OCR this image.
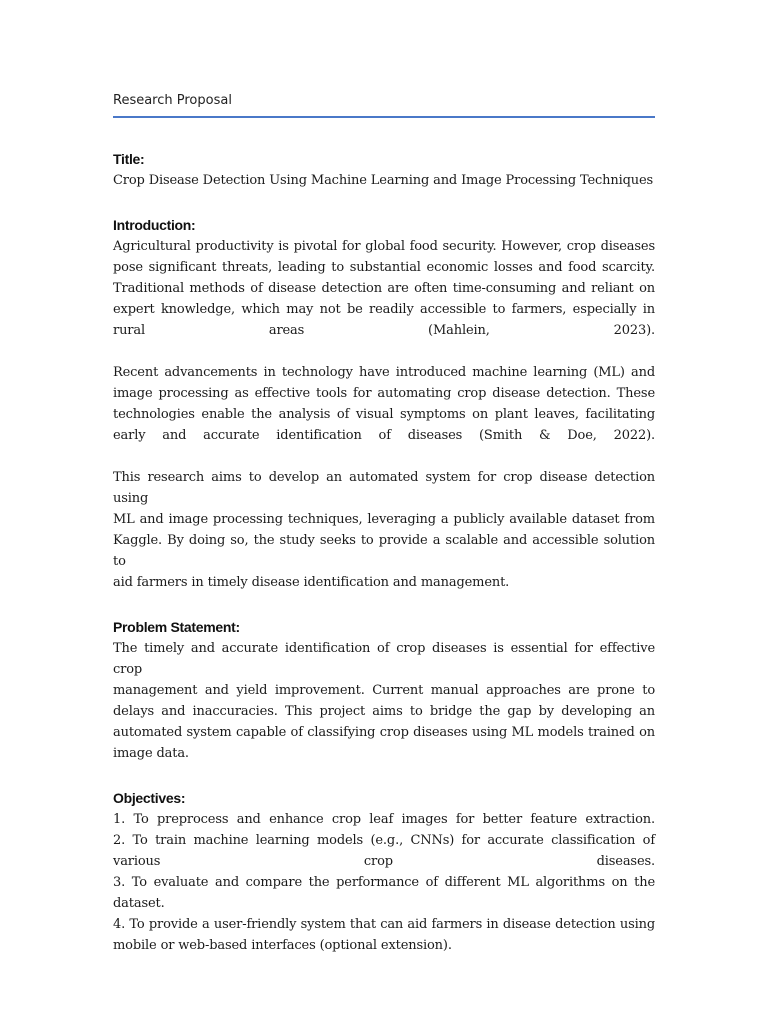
Research Proposal

Title:

Crop Disease Detection Using Machine Learning and Image Processing Techniques

Introduction:

Agricultural productivity is pivotal for global food security. However, crop diseases
pose significant threats, leading to substantial economic losses and food scarcity.
Traditional methods of disease detection are often time-consuming and reliant on
expert knowledge, which may not be readily accessible to farmers, especially in
rural areas (Mahlein, 2023).
Recent advancements in technology have introduced machine learning (ML) and
image processing as effective tools for automating crop disease detection. These
technologies enable the analysis of visual symptoms on plant leaves, facilitating
early and accurate identification of diseases (Smith & Doe, 2022).
This research aims to develop an automated system for crop disease detection using
ML and image processing techniques, leveraging a publicly available dataset from
Kaggle. By doing so, the study seeks to provide a scalable and accessible solution to
aid farmers in timely disease identification and management.

Problem Statement:

The timely and accurate identification of crop diseases is essential for effective crop
management and yield improvement. Current manual approaches are prone to
delays and inaccuracies. This project aims to bridge the gap by developing an
automated system capable of classifying crop diseases using ML models trained on
image data.

Objectives:

1. To preprocess and enhance crop leaf images for better feature extraction.
2. To train machine learning models (e.g., CNNs) for accurate classification of
various crop diseases.
3. To evaluate and compare the performance of different ML algorithms on the
dataset.
4. To provide a user-friendly system that can aid farmers in disease detection using
mobile or web-based interfaces (optional extension).
